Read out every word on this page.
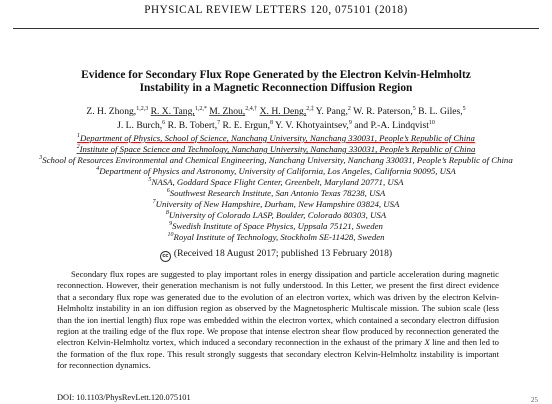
PHYSICAL REVIEW LETTERS 120, 075101 (2018)
Evidence for Secondary Flux Rope Generated by the Electron Kelvin-Helmholtz
Instability in a Magnetic Reconnection Diffusion Region
Z. H. Zhong,$^{1,2,3}$ R. X. Tang,$^{1,2,*}$ M. Zhou,$^{2,4,\dagger}$ X. H. Deng,$^{2,\ddagger}$ Y. Pang,$^2$ W. R. Paterson,$^5$ B. L. Giles,$^5$
J. L. Burch,$^6$ R. B. Tobert,$^7$ R. E. Ergun,$^8$ Y. V. Khotyaintsev,$^9$ and P.-A. Lindqvist$^{10}$
$^1$Department of Physics, School of Science, Nanchang University, Nanchang 330031, People’s Republic of China
$^2$Institute of Space Science and Technology, Nanchang University, Nanchang 330031, People’s Republic of China
$^3$School of Resources Environmental and Chemical Engineering, Nanchang University, Nanchang 330031, People’s Republic of China
$^4$Department of Physics and Astronomy, University of California, Los Angeles, California 90095, USA
$^5$NASA, Goddard Space Flight Center, Greenbelt, Maryland 20771, USA
$^6$Southwest Research Institute, San Antonio Texas 78238, USA
$^7$University of New Hampshire, Durham, New Hampshire 03824, USA
$^8$University of Colorado LASP, Boulder, Colorado 80303, USA
$^9$Swedish Institute of Space Physics, Uppsala 75121, Sweden
$^{10}$Royal Institute of Technology, Stockholm SE-11428, Sweden
cc (Received 18 August 2017; published 13 February 2018)
Secondary flux ropes are suggested to play important roles in energy dissipation and particle acceleration during magnetic reconnection. However, their generation mechanism is not fully understood. In this Letter, we present the first direct evidence that a secondary flux rope was generated due to the evolution of an electron vortex, which was driven by the electron Kelvin-Helmholtz instability in an ion diffusion region as observed by the Magnetospheric Multiscale mission. The subion scale (less than the ion inertial length) flux rope was embedded within the electron vortex, which contained a secondary electron diffusion region at the trailing edge of the flux rope. We propose that intense electron shear flow produced by reconnection generated the electron Kelvin-Helmholtz vortex, which induced a secondary reconnection in the exhaust of the primary X line and then led to the formation of the flux rope. This result strongly suggests that secondary electron Kelvin-Helmholtz instability is important for reconnection dynamics.
DOI: 10.1103/PhysRevLett.120.075101	25
